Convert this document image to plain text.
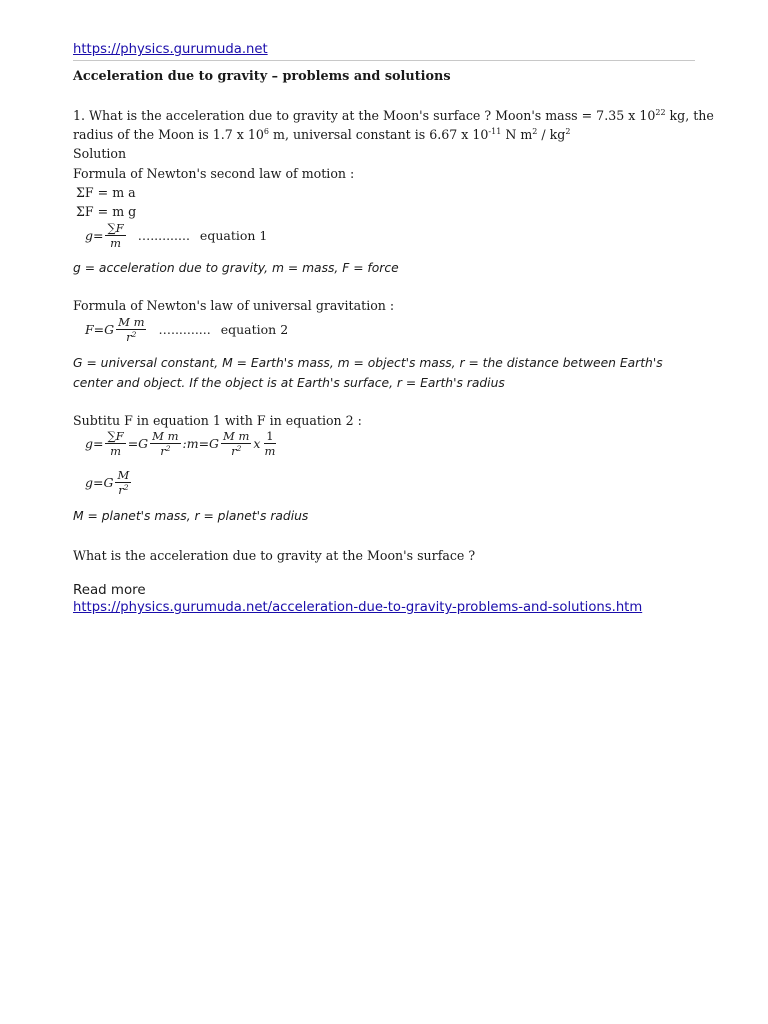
https://physics.gurumuda.net
Acceleration due to gravity – problems and solutions
1. What is the acceleration due to gravity at the Moon's surface ? Moon's mass = 7.35 x $10^{22}$ kg, the
radius of the Moon is 1.7 x $10^6$ m, universal constant is 6.67 x $10^{-11}$ N $m^2 / kg^2$
Solution
Formula of Newton's second law of motion :
ΣF = m a
ΣF = m g
$g= \frac{\sum F}{m}$ ….......... equation 1
g = acceleration due to gravity, m = mass, F = force
Formula of Newton's law of universal gravitation :
$F=G \frac{\text{M m}}{r^2}$ ….......... equation 2
G = universal constant, M = Earth's mass, m = object's mass, r = the distance between Earth's
center and object. If the object is at Earth's surface, r = Earth's radius
Subtitu F in equation 1 with F in equation 2 :
$g= \frac{\sum F}{m} =G \frac{\text{M m}}{r^2}$ :m=G $\frac{\text{M m}}{r^2}$ x $\frac{1}{m}$
$g=G \frac{M}{r^2}$
M = planet's mass, r = planet's radius
What is the acceleration due to gravity at the Moon's surface ?
Read more
https://physics.gurumuda.net/acceleration-due-to-gravity-problems-and-solutions.htm
